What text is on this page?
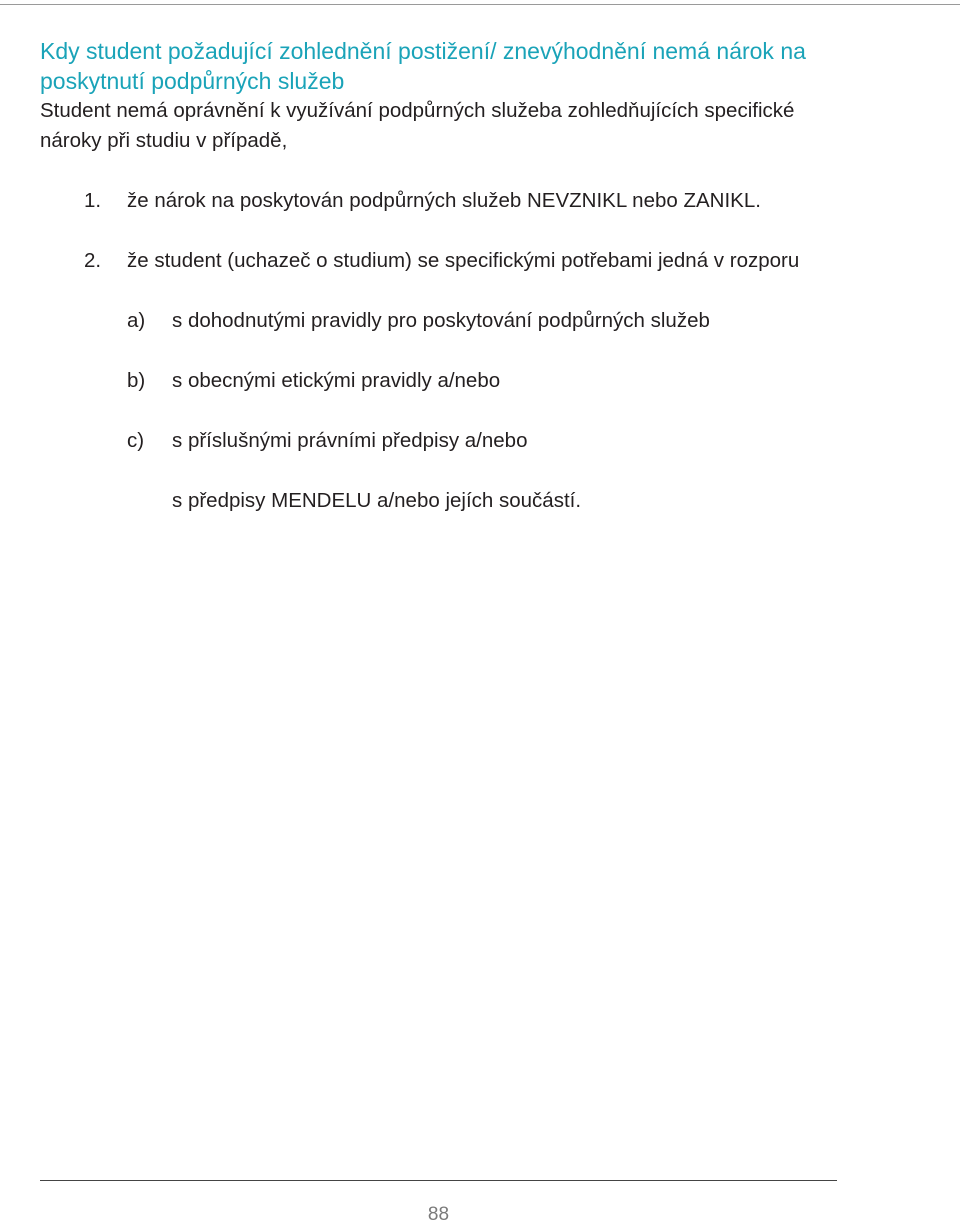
Kdy student požadující zohlednění postižení/ znevýhodnění nemá nárok na poskytnutí podpůrných služeb

Student nemá oprávnění k využívání podpůrných služeba zohledňujících specifické nároky při studiu v případě,

1. že nárok na poskytován podpůrných služeb NEVZNIKL nebo ZANIKL.
2. že student (uchazeč o studium) se specifickými potřebami jedná v rozporu
a) s dohodnutými pravidly pro poskytování podpůrných služeb
b) s obecnými etickými pravidly a/nebo
c) s příslušnými právními předpisy a/nebo
s předpisy MENDELU a/nebo jejích součástí.
88
